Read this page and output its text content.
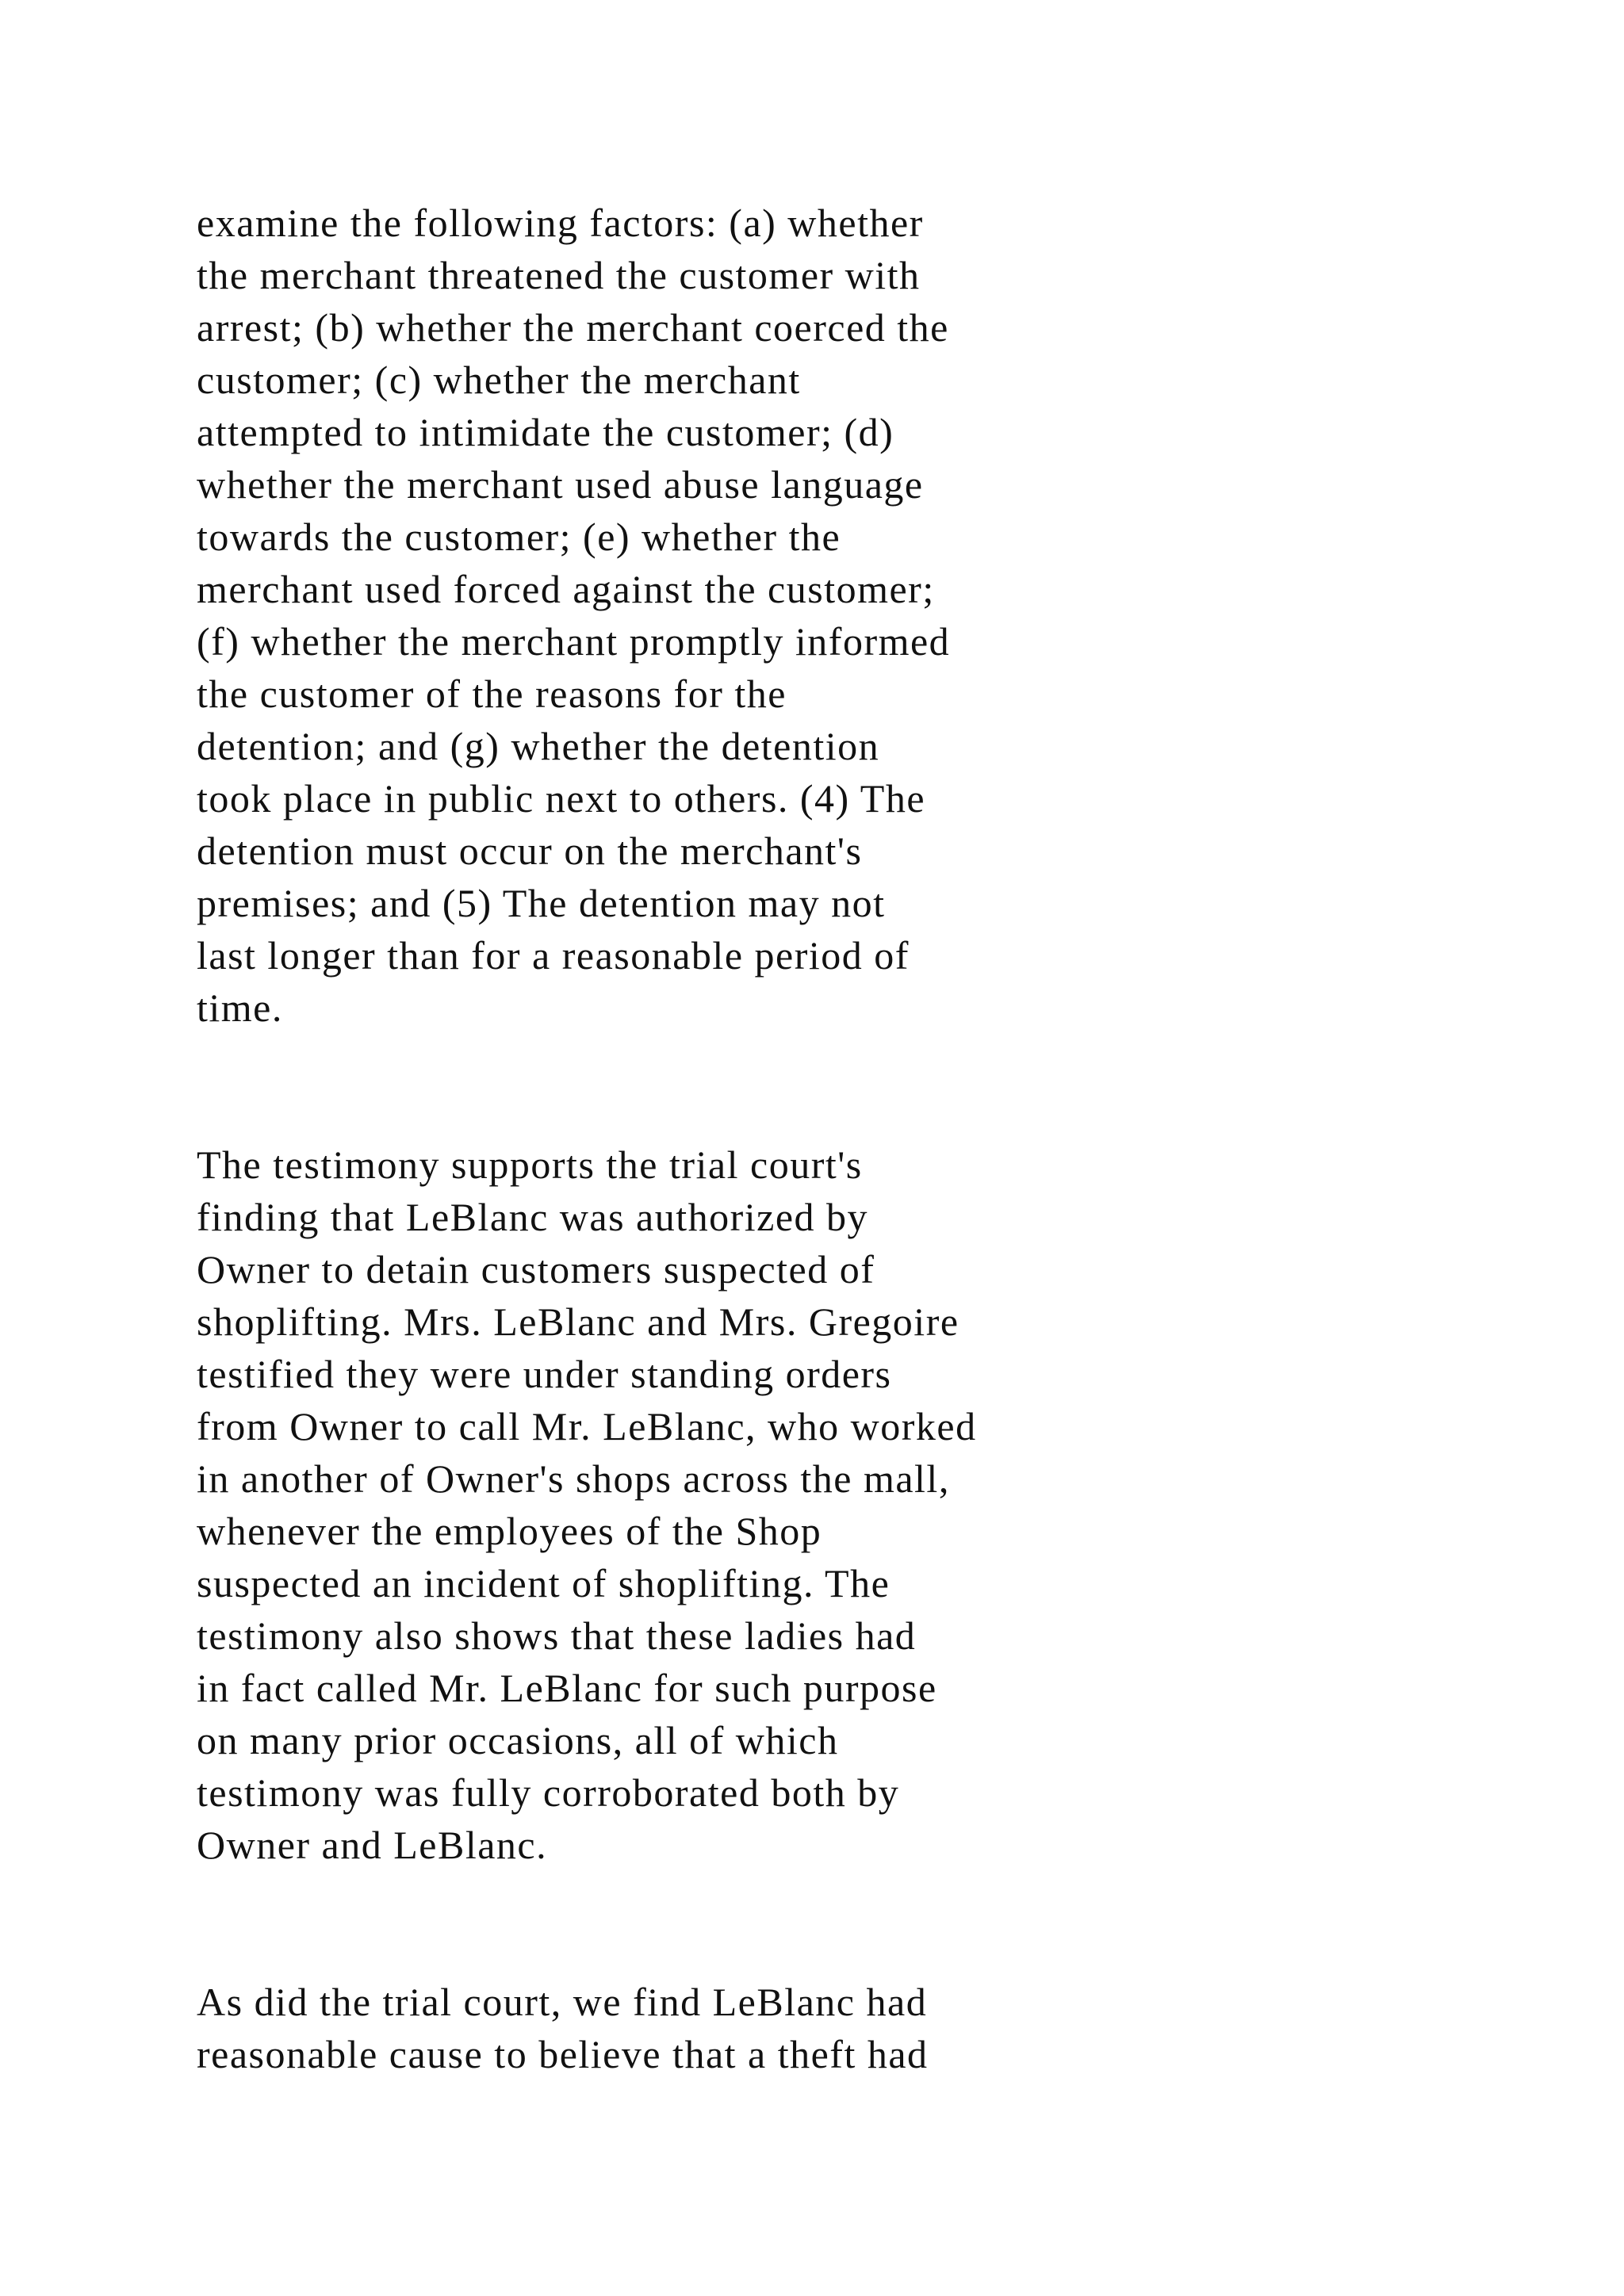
examine the following factors: (a) whether
the merchant threatened the customer with
arrest; (b) whether the merchant coerced the
customer; (c) whether the merchant
attempted to intimidate the customer; (d)
whether the merchant used abuse language
towards the customer; (e) whether the
merchant used forced against the customer;
(f) whether the merchant promptly informed
the customer of the reasons for the
detention; and (g) whether the detention
took place in public next to others. (4) The
detention must occur on the merchant's
premises; and (5) The detention may not
last longer than for a reasonable period of
time.

The testimony supports the trial court's
finding that LeBlanc was authorized by
Owner to detain customers suspected of
shoplifting. Mrs. LeBlanc and Mrs. Gregoire
testified they were under standing orders
from Owner to call Mr. LeBlanc, who worked
in another of Owner's shops across the mall,
whenever the employees of the Shop
suspected an incident of shoplifting. The
testimony also shows that these ladies had
in fact called Mr. LeBlanc for such purpose
on many prior occasions, all of which
testimony was fully corroborated both by
Owner and LeBlanc.

As did the trial court, we find LeBlanc had
reasonable cause to believe that a theft had
